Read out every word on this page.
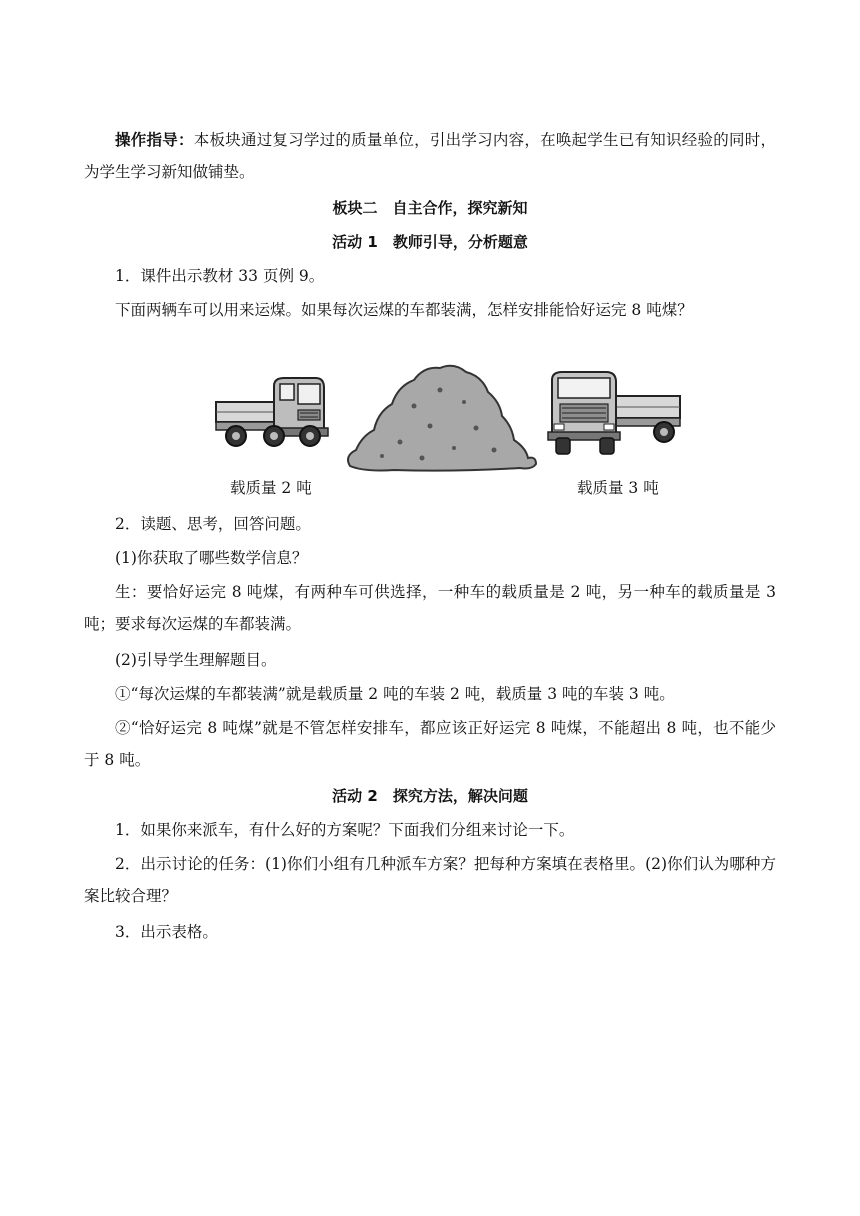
操作指导：本板块通过复习学过的质量单位，引出学习内容，在唤起学生已有知识经验的同时，为学生学习新知做铺垫。

板块二　自主合作，探究新知
活动 1　教师引导，分析题意

1．课件出示教材 33 页例 9。

下面两辆车可以用来运煤。如果每次运煤的车都装满，怎样安排能恰好运完 8 吨煤？

载质量 2 吨	载质量 3 吨

2．读题、思考，回答问题。

(1)你获取了哪些数学信息？

生：要恰好运完 8 吨煤，有两种车可供选择，一种车的载质量是 2 吨，另一种车的载质量是 3 吨；要求每次运煤的车都装满。

(2)引导学生理解题目。

①“每次运煤的车都装满”就是载质量 2 吨的车装 2 吨，载质量 3 吨的车装 3 吨。

②“恰好运完 8 吨煤”就是不管怎样安排车，都应该正好运完 8 吨煤，不能超出 8 吨，也不能少于 8 吨。

活动 2　探究方法，解决问题

1．如果你来派车，有什么好的方案呢？下面我们分组来讨论一下。

2．出示讨论的任务：(1)你们小组有几种派车方案？把每种方案填在表格里。(2)你们认为哪种方案比较合理？

3．出示表格。
